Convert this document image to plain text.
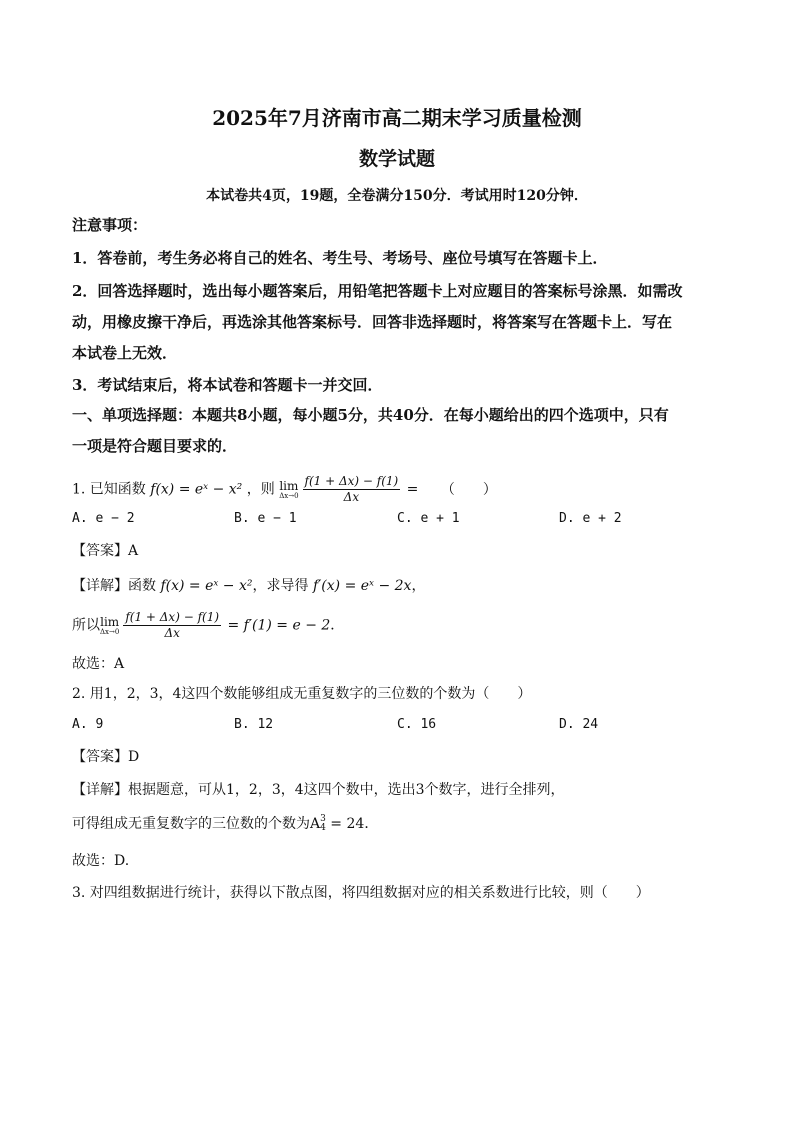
2025年7月济南市高二期末学习质量检测
数学试题
本试卷共4页，19题，全卷满分150分．考试用时120分钟．
注意事项：
1．答卷前，考生务必将自己的姓名、考生号、考场号、座位号填写在答题卡上．
2．回答选择题时，选出每小题答案后，用铅笔把答题卡上对应题目的答案标号涂黑．如需改
动，用橡皮擦干净后，再选涂其他答案标号．回答非选择题时，将答案写在答题卡上．写在
本试卷上无效．
3．考试结束后，将本试卷和答题卡一并交回．
一、单项选择题：本题共8小题，每小题5分，共40分．在每小题给出的四个选项中，只有
一项是符合题目要求的．
1. 已知函数 f(x) = eˣ − x² ，则 lim
$\Delta x\to 0 \frac{f(1 + \Delta x) - f(1)}{\Delta x}$ = （　　）
A. e − 2	B. e − 1	C. e + 1	D. e + 2
【答案】A
【详解】函数 f(x) = eˣ − x²，求导得 f′(x) = eˣ − 2x，
所以lim
$\Delta x\to 0 \frac{f(1 + \Delta x) - f(1)}{\Delta x} = f'(1) = e - 2$．
故选：A
2. 用1，2，3，4这四个数能够组成无重复数字的三位数的个数为（　　）
A. 9	B. 12	C. 16	D. 24
【答案】D
【详解】根据题意，可从1，2，3，4这四个数中，选出3个数字，进行全排列，
可得组成无重复数字的三位数的个数为A 3
4 = 24．
故选：D.
3. 对四组数据进行统计，获得以下散点图，将四组数据对应的相关系数进行比较，则（　　）
